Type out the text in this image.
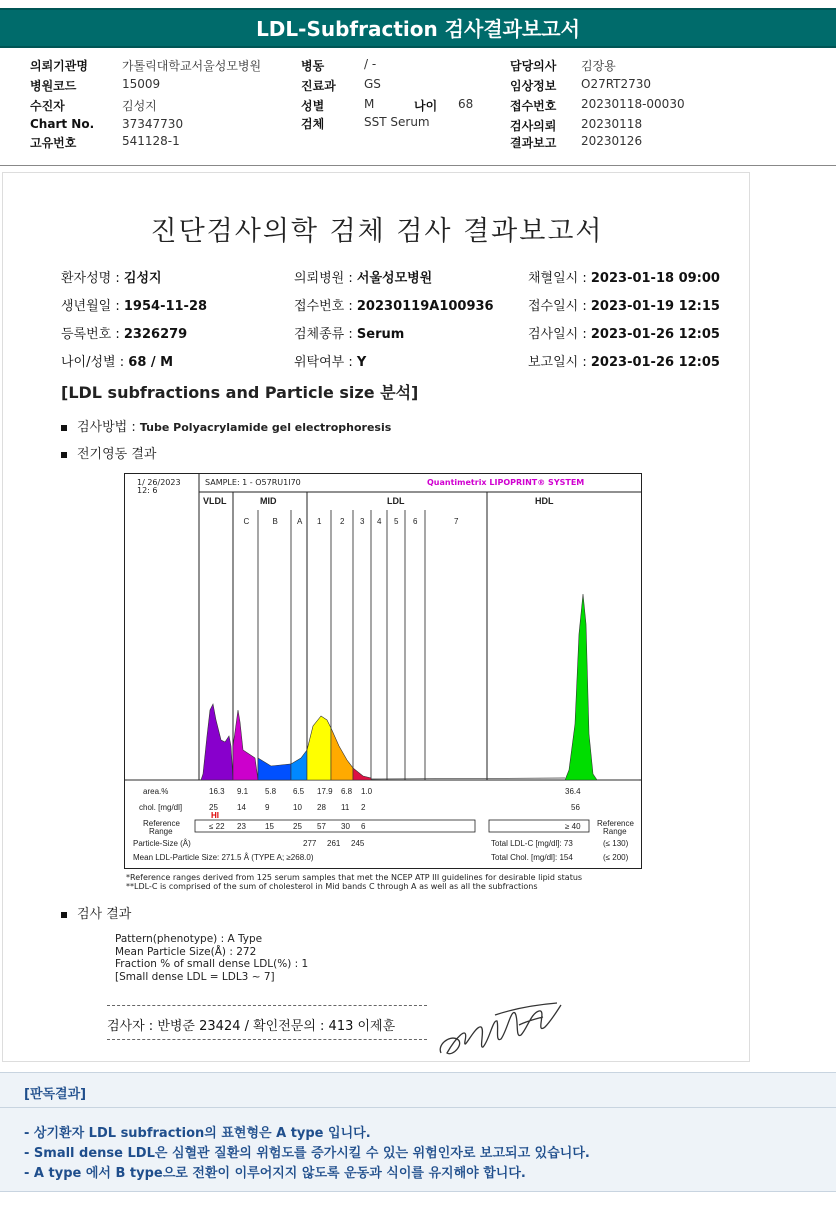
LDL-Subfraction 검사결과보고서
의뢰기관명	가톨릭대학교서울성모병원
병원코드	15009
수진자	김성지
Chart No. 37347730
고유번호	541128-1
병동	/ -
진료과 GS
성별	M	나이 68
검체	SST Serum
담당의사 김장용
임상정보 O27RT2730
접수번호 20230118-00030
검사의뢰 20230118
결과보고 20230126
진단검사의학 검체 검사 결과보고서
환자성명 : 김성지	의뢰병원 : 서울성모병원	채혈일시 : 2023-01-18 09:00
생년월일 : 1954-11-28	접수번호 : 20230119A100936	접수일시 : 2023-01-19 12:15
등록번호 : 2326279	검체종류 : Serum	검사일시 : 2023-01-26 12:05
나이/성별 : 68 / M	위탁여부 : Y	보고일시 : 2023-01-26 12:05
[LDL subfractions and Particle size 분석]
검사방법 : Tube Polyacrylamide gel electrophoresis
전기영동 결과
1/ 26/2023
12: 6
SAMPLE: 1 - O57RU1I70	Quantimetrix LIPOPRINT® SYSTEM
VLDL	MID	LDL	HDL
C	B A 1 2 3 4 5 6	7
area.%	16.3 9.1 5.8 6.5 17.9 6.8 1.0	36.4
chol. [mg/dl]	25 14 9	10 28 11 2	56
HI
Reference
Range
≤ 22 23 15 25 57 30 6	≥ 40 Reference
Range
Particle-Size (Å)	277 261 245
Mean LDL-Particle Size: 271.5 Å (TYPE A; ≥268.0)
Total LDL-C [mg/dl]: 73	(≤ 130)
Total Chol. [mg/dl]: 154	(≤ 200)
*Reference ranges derived from 125 serum samples that met the NCEP ATP III guidelines for desirable lipid status
**LDL-C is comprised of the sum of cholesterol in Mid bands C through A as well as all the subfractions
검사 결과
Pattern(phenotype) : A Type
Mean Particle Size(Å) : 272
Fraction % of small dense LDL(%) : 1
[Small dense LDL = LDL3 ~ 7]
검사자 : 반병준 23424 / 확인전문의 : 413 이제훈
[판독결과]
- 상기환자 LDL subfraction의 표현형은 A type 입니다.
- Small dense LDL은 심혈관 질환의 위험도를 증가시킬 수 있는 위험인자로 보고되고 있습니다.
- A type 에서 B type으로 전환이 이루어지지 않도록 운동과 식이를 유지해야 합니다.
